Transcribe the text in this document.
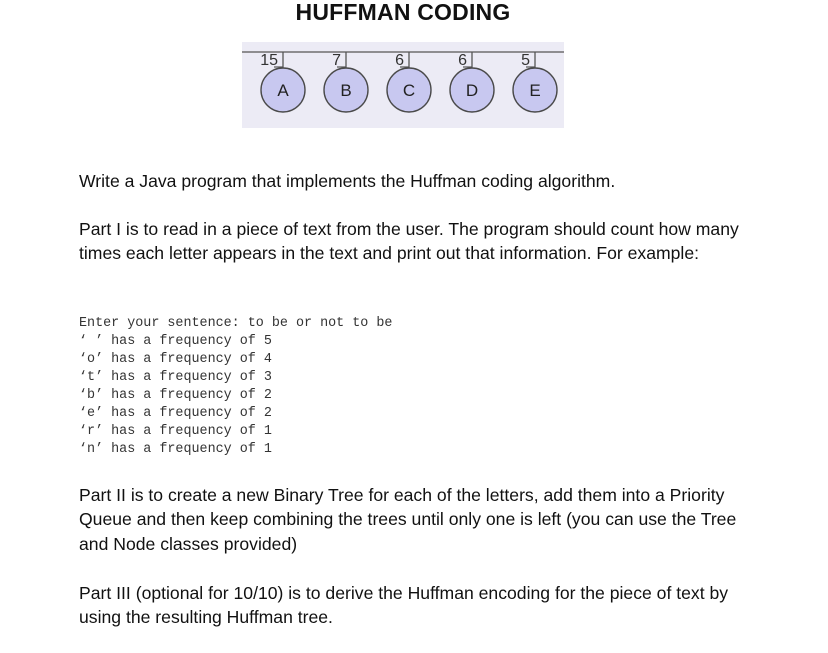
HUFFMAN CODING
15
A
7
B
6
C
6
D
5
E

Write a Java program that implements the Huffman coding algorithm.

Part I is to read in a piece of text from the user. The program should count how many times each letter appears in the text and print out that information. For example:

Enter your sentence: to be or not to be
‘ ’ has a frequency of 5
‘o’ has a frequency of 4
‘t’ has a frequency of 3
‘b’ has a frequency of 2
‘e’ has a frequency of 2
‘r’ has a frequency of 1
‘n’ has a frequency of 1

Part II is to create a new Binary Tree for each of the letters, add them into a Priority Queue and then keep combining the trees until only one is left (you can use the Tree and Node classes provided)

Part III (optional for 10/10) is to derive the Huffman encoding for the piece of text by using the resulting Huffman tree.
